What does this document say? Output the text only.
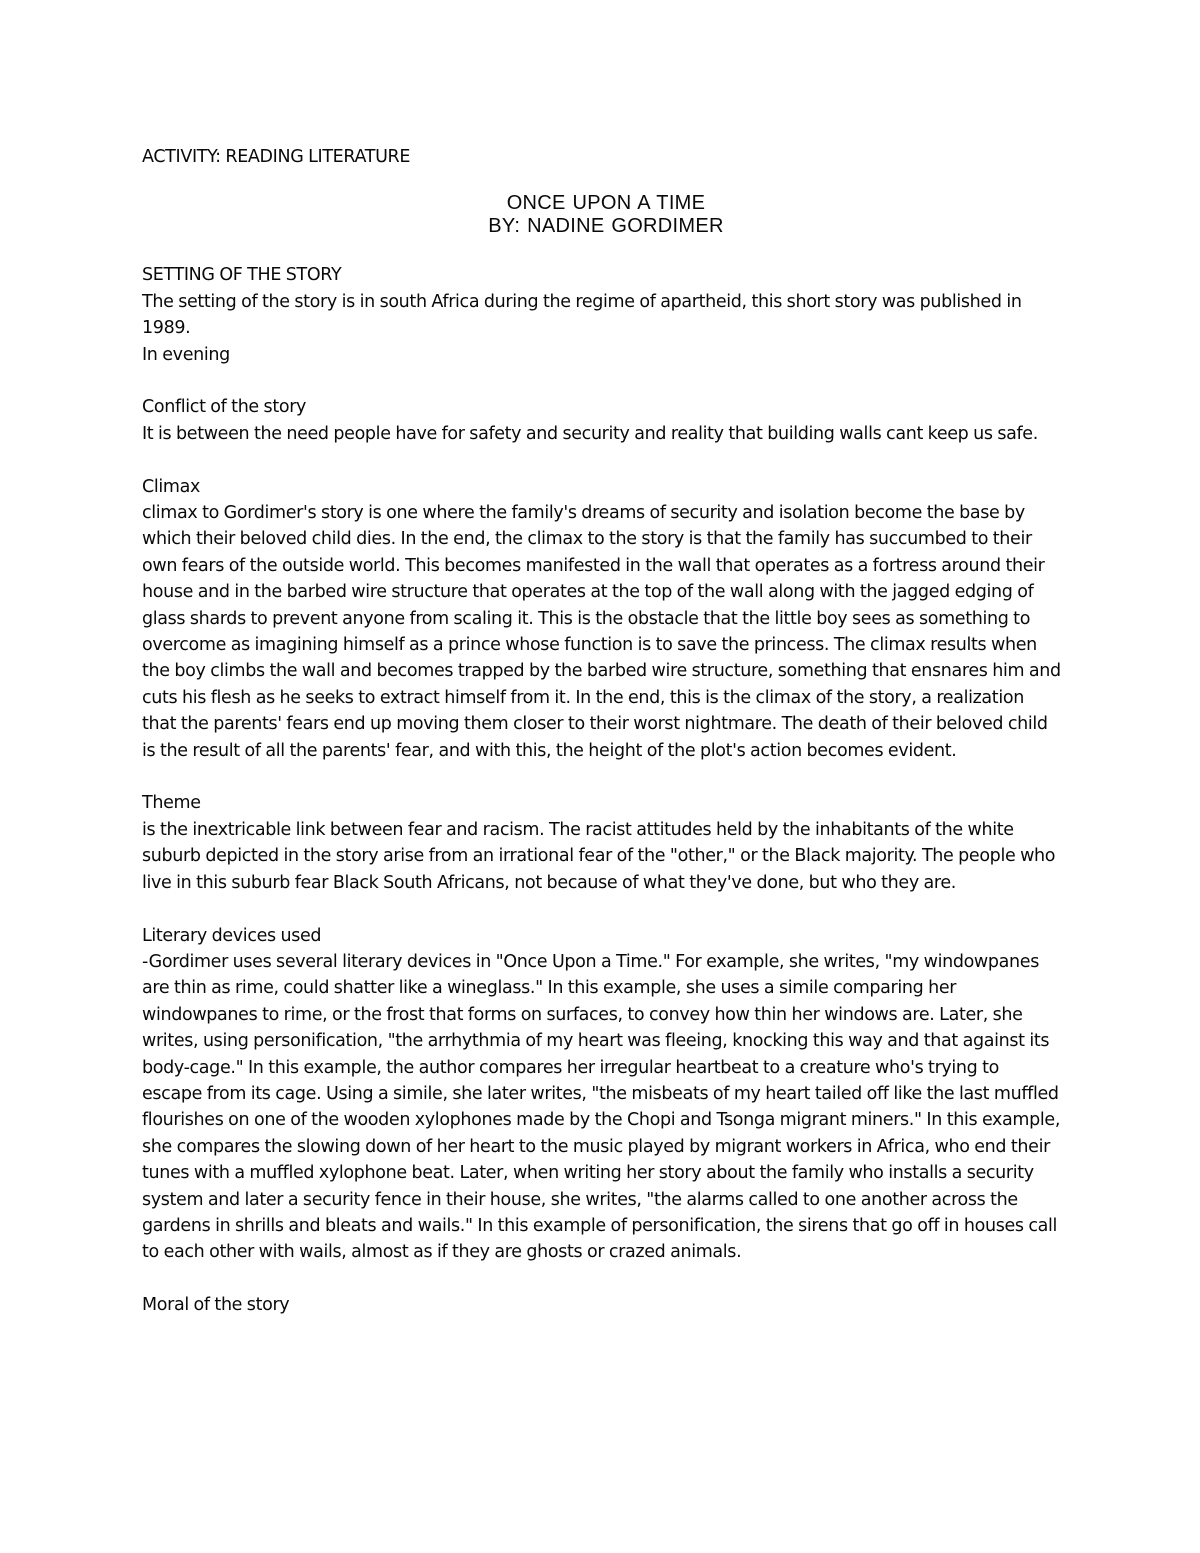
ACTIVITY: READING LITERATURE

ONCE UPON A TIME
BY: NADINE GORDIMER

SETTING OF THE STORY

The setting of the story is in south Africa during the regime of apartheid, this short story was published in 1989.

In evening

Conflict of the story

It is between the need people have for safety and security and reality that building walls cant keep us safe.

Climax

climax to Gordimer's story is one where the family's dreams of security and isolation become the base by which their beloved child dies. In the end, the climax to the story is that the family has succumbed to their own fears of the outside world. This becomes manifested in the wall that operates as a fortress around their house and in the barbed wire structure that operates at the top of the wall along with the jagged edging of glass shards to prevent anyone from scaling it. This is the obstacle that the little boy sees as something to overcome as imagining himself as a prince whose function is to save the princess. The climax results when the boy climbs the wall and becomes trapped by the barbed wire structure, something that ensnares him and cuts his flesh as he seeks to extract himself from it. In the end, this is the climax of the story, a realization that the parents' fears end up moving them closer to their worst nightmare. The death of their beloved child is the result of all the parents' fear, and with this, the height of the plot's action becomes evident.

Theme

is the inextricable link between fear and racism. The racist attitudes held by the inhabitants of the white suburb depicted in the story arise from an irrational fear of the "other," or the Black majority. The people who live in this suburb fear Black South Africans, not because of what they've done, but who they are.

Literary devices used

-Gordimer uses several literary devices in "Once Upon a Time." For example, she writes, "my windowpanes are thin as rime, could shatter like a wineglass." In this example, she uses a simile comparing her windowpanes to rime, or the frost that forms on surfaces, to convey how thin her windows are. Later, she writes, using personification, "the arrhythmia of my heart was fleeing, knocking this way and that against its body-cage." In this example, the author compares her irregular heartbeat to a creature who's trying to escape from its cage. Using a simile, she later writes, "the misbeats of my heart tailed off like the last muffled flourishes on one of the wooden xylophones made by the Chopi and Tsonga migrant miners." In this example, she compares the slowing down of her heart to the music played by migrant workers in Africa, who end their tunes with a muffled xylophone beat. Later, when writing her story about the family who installs a security system and later a security fence in their house, she writes, "the alarms called to one another across the gardens in shrills and bleats and wails." In this example of personification, the sirens that go off in houses call to each other with wails, almost as if they are ghosts or crazed animals.

Moral of the story
